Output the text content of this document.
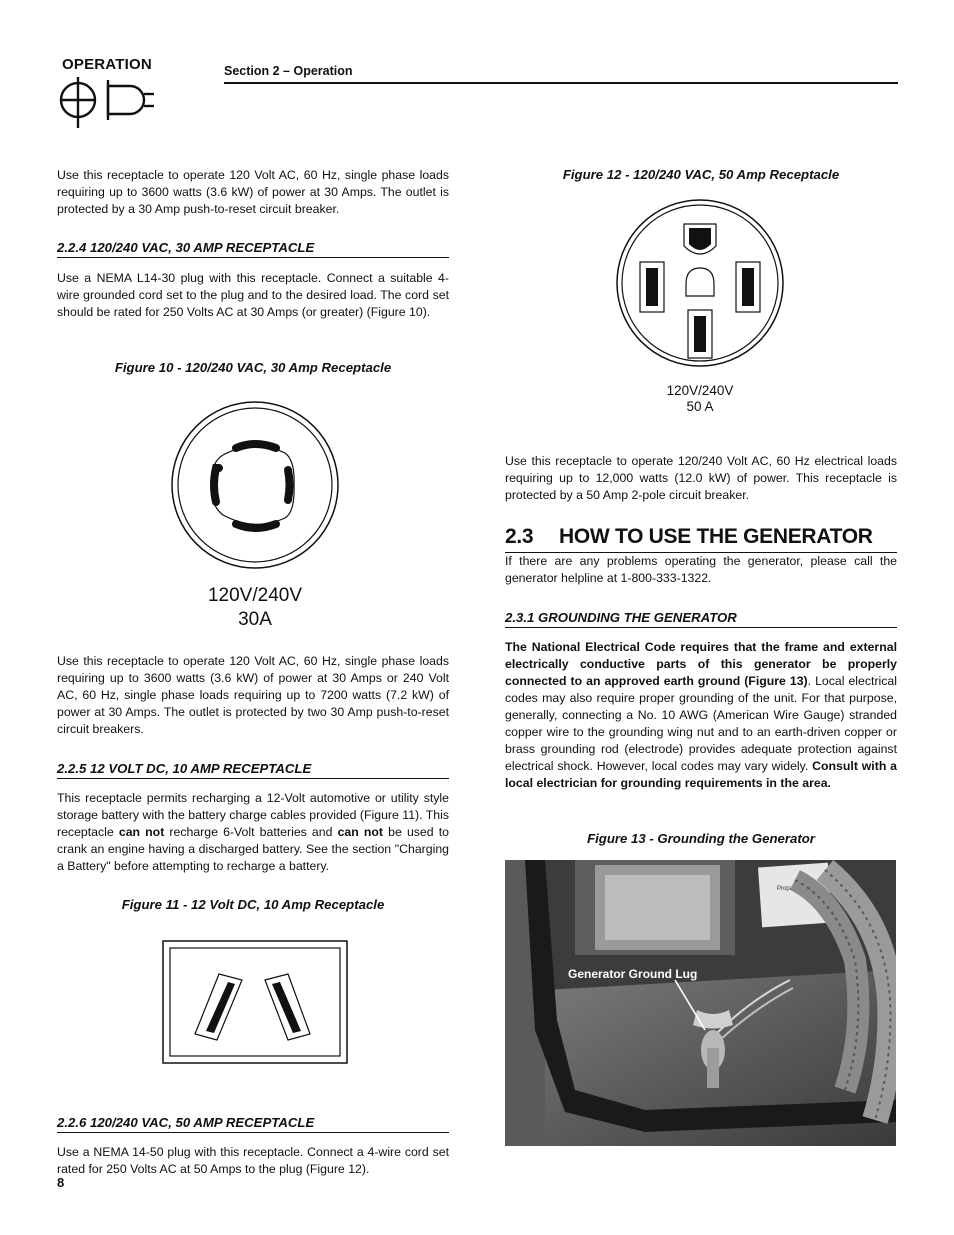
OPERATION	Section 2 – Operation
Use this receptacle to operate 120 Volt AC, 60 Hz, single phase loads requiring up to 3600 watts (3.6 kW) of power at 30 Amps. The outlet is protected by a 30 Amp push-to-reset circuit breaker.
2.2.4 120/240 VAC, 30 AMP RECEPTACLE
Use a NEMA L14-30 plug with this receptacle. Connect a suitable 4-wire grounded cord set to the plug and to the desired load. The cord set should be rated for 250 Volts AC at 30 Amps (or greater) (Figure 10).
Figure 10 - 120/240 VAC, 30 Amp Receptacle
120V/240V
30A
Use this receptacle to operate 120 Volt AC, 60 Hz, single phase loads requiring up to 3600 watts (3.6 kW) of power at 30 Amps or 240 Volt AC, 60 Hz, single phase loads requiring up to 7200 watts (7.2 kW) of power at 30 Amps. The outlet is protected by two 30 Amp push-to-reset circuit breakers.
2.2.5 12 VOLT DC, 10 AMP RECEPTACLE
This receptacle permits recharging a 12-Volt automotive or utility style storage battery with the battery charge cables provided (Figure 11). This receptacle can not recharge 6-Volt batteries and can not be used to crank an engine having a discharged battery. See the section "Charging a Battery" before attempting to recharge a battery.
Figure 11 - 12 Volt DC, 10 Amp Receptacle
2.2.6 120/240 VAC, 50 AMP RECEPTACLE
Use a NEMA 14-50 plug with this receptacle. Connect a 4-wire cord set rated for 250 Volts AC at 50 Amps to the plug (Figure 12).
8
Figure 12 - 120/240 VAC, 50 Amp Receptacle
120V/240V
50 A
Use this receptacle to operate 120/240 Volt AC, 60 Hz electrical loads requiring up to 12,000 watts (12.0 kW) of power. This receptacle is protected by a 50 Amp 2-pole circuit breaker.
2.3 HOW TO USE THE GENERATOR
If there are any problems operating the generator, please call the generator helpline at 1-800-333-1322.
2.3.1 GROUNDING THE GENERATOR
The National Electrical Code requires that the frame and external electrically conductive parts of this generator be properly connected to an approved earth ground (Figure 13). Local electrical codes may also require proper grounding of the unit. For that purpose, generally, connecting a No. 10 AWG (American Wire Gauge) stranded copper wire to the grounding wing nut and to an earth-driven copper or brass grounding rod (electrode) provides adequate protection against electrical shock. However, local codes may vary widely. Consult with a local electrician for grounding requirements in the area.
Figure 13 - Grounding the Generator
Propane/Vap
Generator Ground Lug
